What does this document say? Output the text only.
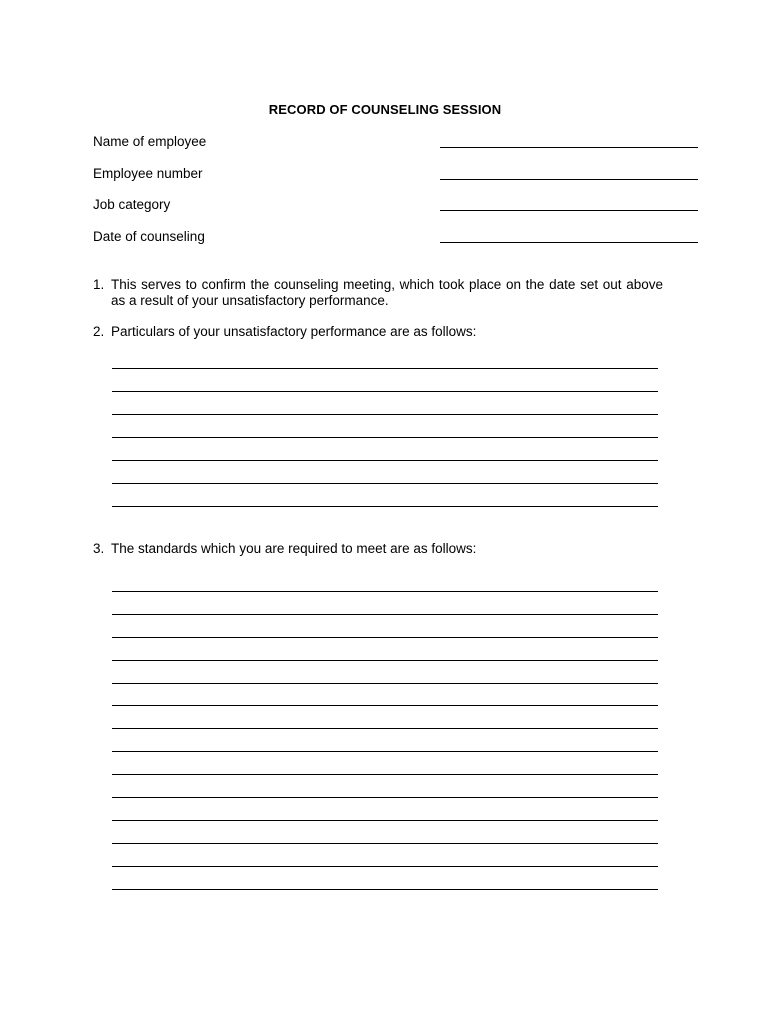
RECORD OF COUNSELING SESSION
Name of employee
Employee number
Job category
Date of counseling
1. This serves to confirm the counseling meeting, which took place on the date set out above as a result of your unsatisfactory performance.
2. Particulars of your unsatisfactory performance are as follows:
3. The standards which you are required to meet are as follows:
